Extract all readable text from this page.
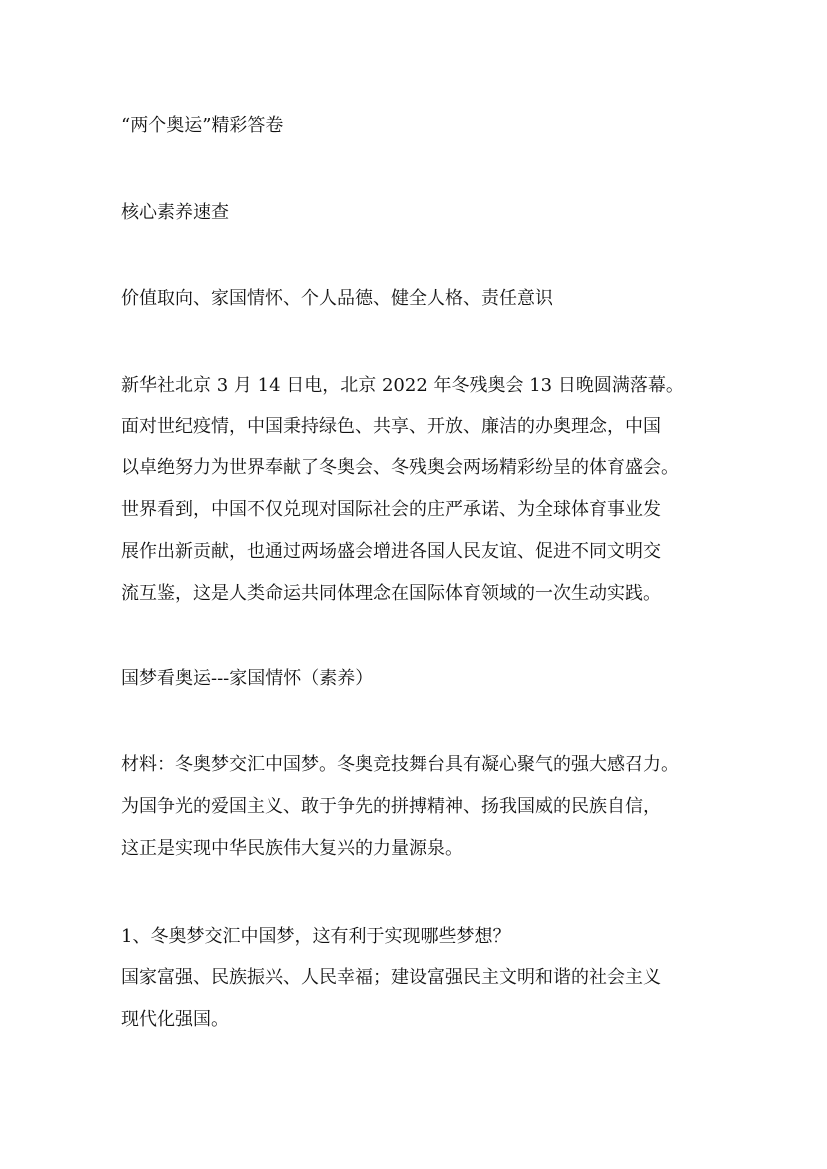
“两个奥运”精彩答卷
核心素养速查
价值取向、家国情怀、个人品德、健全人格、责任意识
新华社北京 3 月 14 日电，北京 2022 年冬残奥会 13 日晚圆满落幕。
面对世纪疫情，中国秉持绿色、共享、开放、廉洁的办奥理念，中国
以卓绝努力为世界奉献了冬奥会、冬残奥会两场精彩纷呈的体育盛会。
世界看到，中国不仅兑现对国际社会的庄严承诺、为全球体育事业发
展作出新贡献，也通过两场盛会增进各国人民友谊、促进不同文明交
流互鉴，这是人类命运共同体理念在国际体育领域的一次生动实践。
国梦看奥运---家国情怀（素养）
材料：冬奥梦交汇中国梦。冬奥竞技舞台具有凝心聚气的强大感召力。
为国争光的爱国主义、敢于争先的拼搏精神、扬我国威的民族自信，
这正是实现中华民族伟大复兴的力量源泉。
1、冬奥梦交汇中国梦，这有利于实现哪些梦想？
国家富强、民族振兴、人民幸福；建设富强民主文明和谐的社会主义
现代化强国。
